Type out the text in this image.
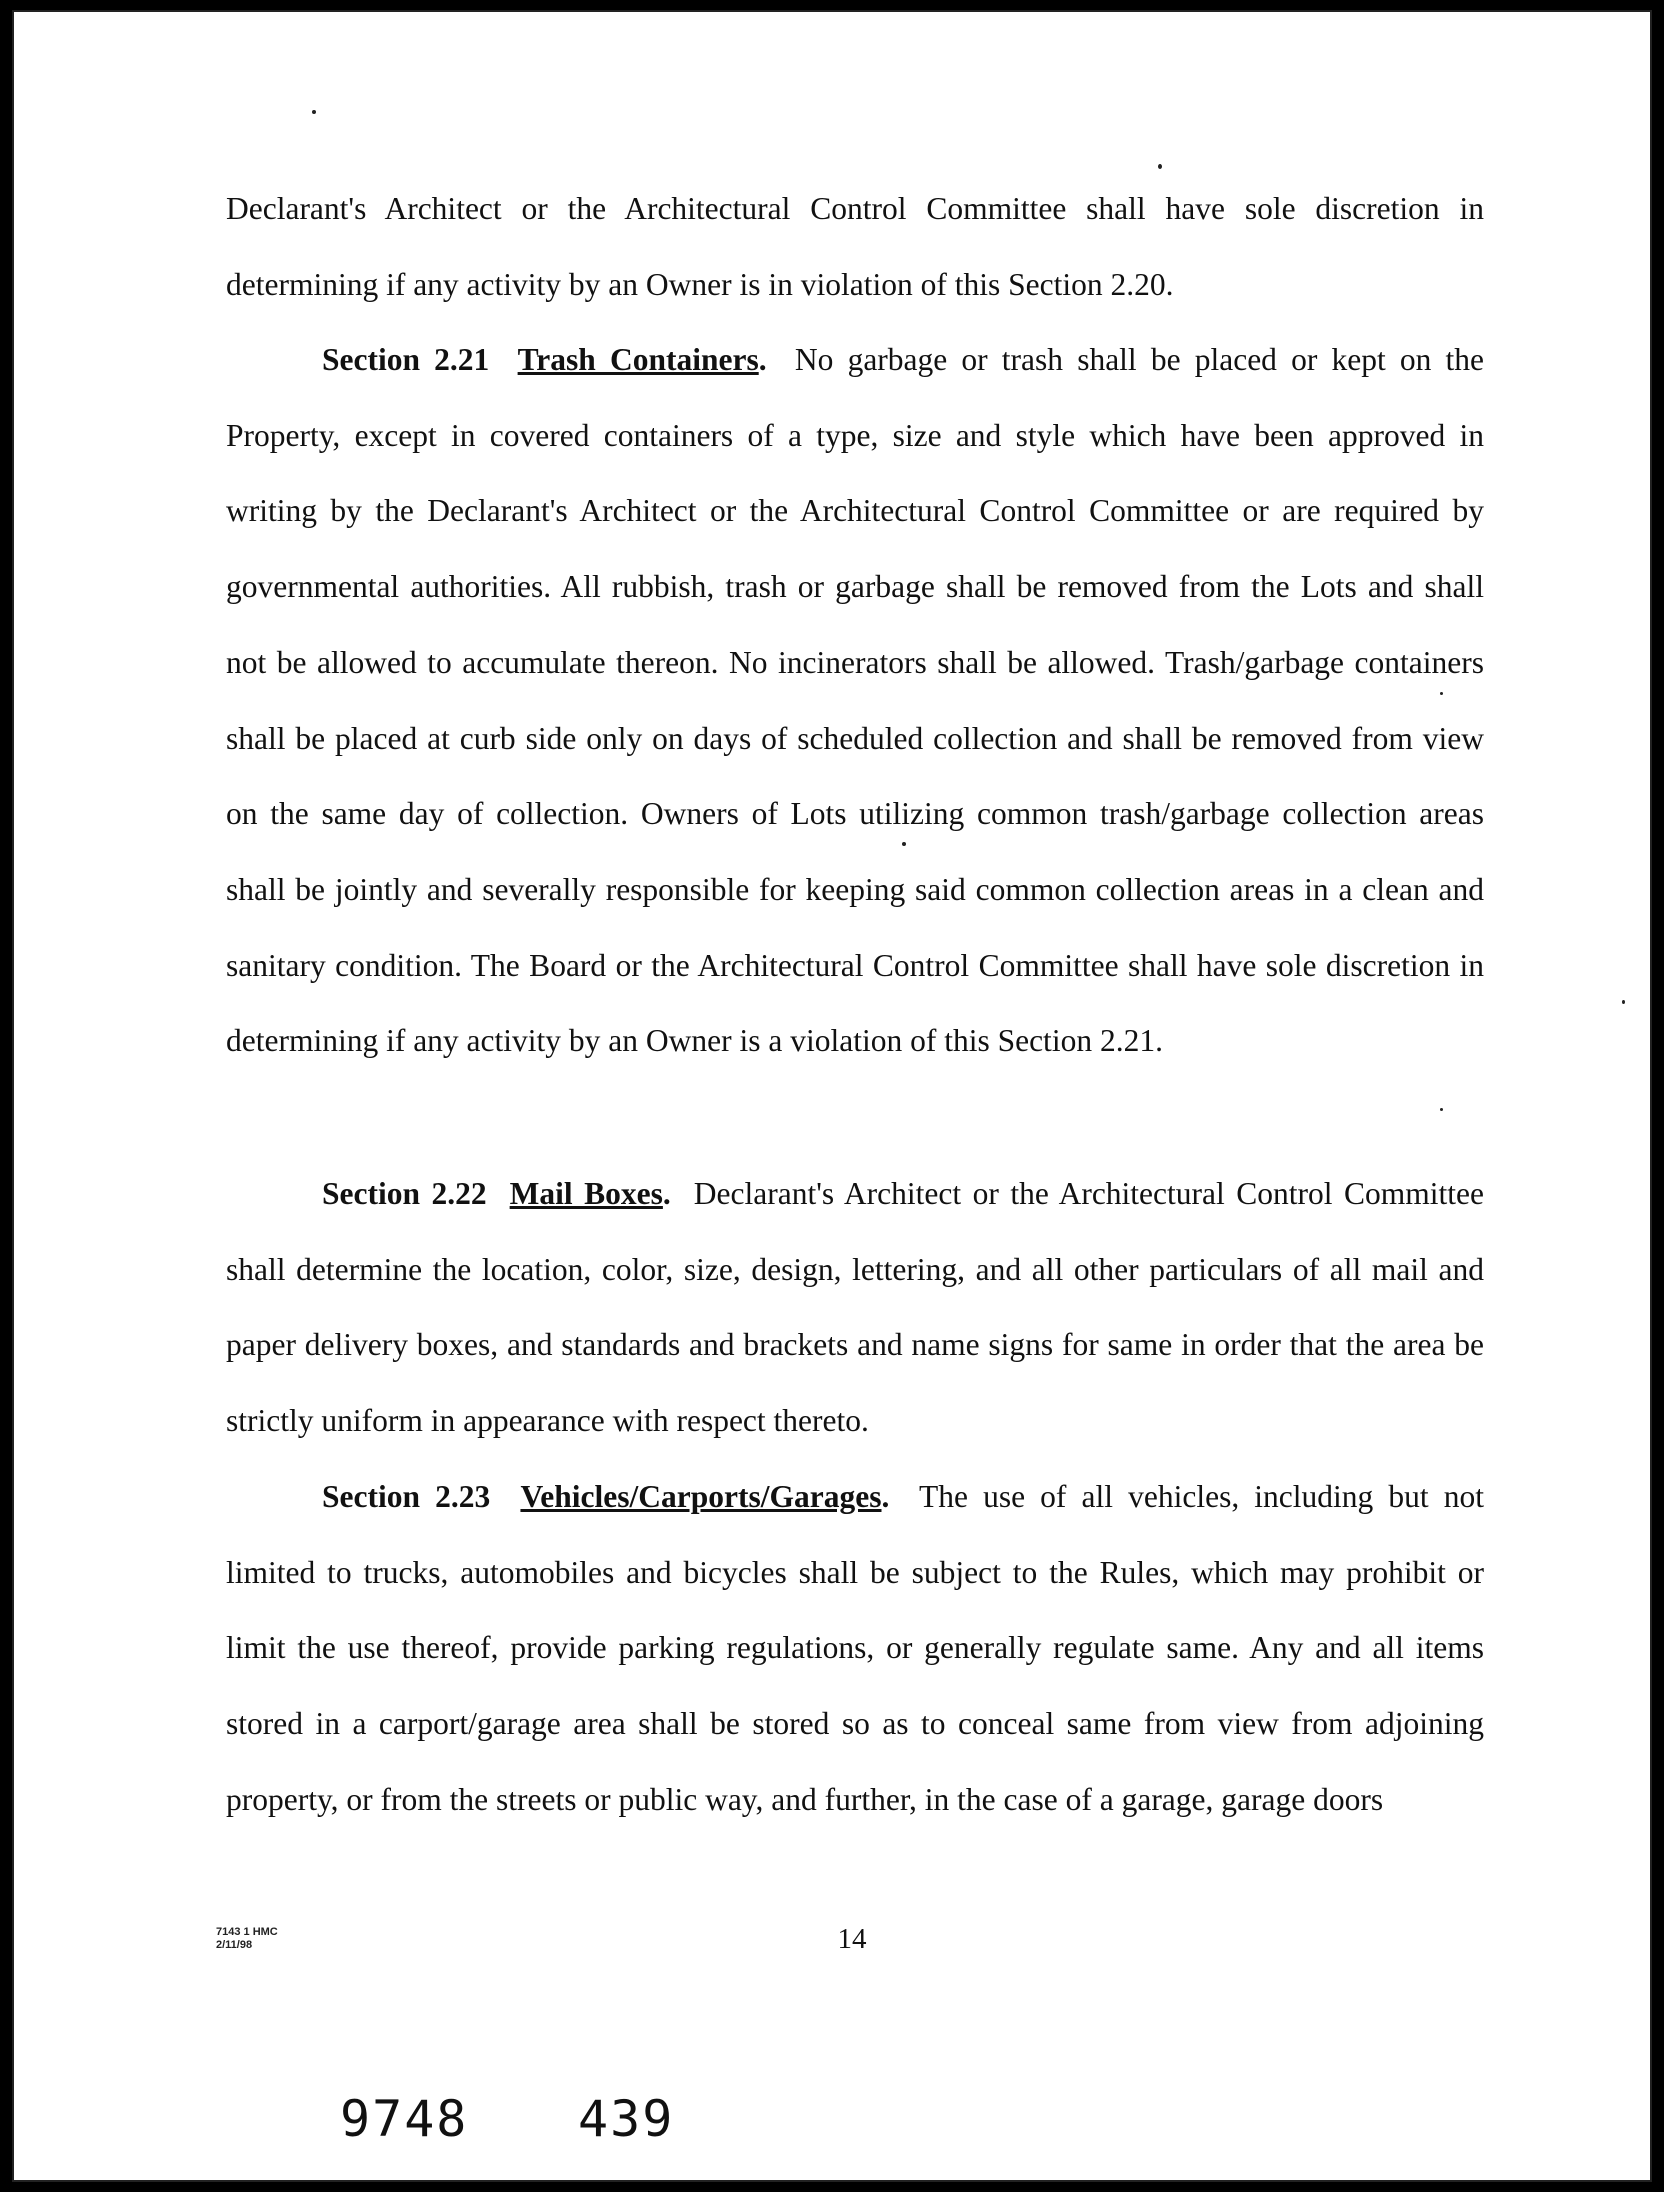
Declarant's Architect or the Architectural Control Committee shall have sole discretion in

determining if any activity by an Owner is in violation of this Section 2.20.

Section 2.21 Trash Containers. No garbage or trash shall be placed or kept on the Property, except in covered containers of a type, size and style which have been approved in writing by the Declarant's Architect or the Architectural Control Committee or are required by governmental authorities. All rubbish, trash or garbage shall be removed from the Lots and shall not be allowed to accumulate thereon. No incinerators shall be allowed. Trash/garbage containers shall be placed at curb side only on days of scheduled collection and shall be removed from view on the same day of collection. Owners of Lots utilizing common trash/garbage collection areas shall be jointly and severally responsible for keeping said common collection areas in a clean and sanitary condition. The Board or the Architectural Control Committee shall have sole discretion in determining if any activity by an Owner is a violation of this Section 2.21.

Section 2.22 Mail Boxes. Declarant's Architect or the Architectural Control Committee shall determine the location, color, size, design, lettering, and all other particulars of all mail and paper delivery boxes, and standards and brackets and name signs for same in order that the area be strictly uniform in appearance with respect thereto.

Section 2.23 Vehicles/Carports/Garages. The use of all vehicles, including but not limited to trucks, automobiles and bicycles shall be subject to the Rules, which may prohibit or limit the use thereof, provide parking regulations, or generally regulate same. Any and all items stored in a carport/garage area shall be stored so as to conceal same from view from adjoining property, or from the streets or public way, and further, in the case of a garage, garage doors

7143 1 HMC
2/11/98	14
9748 439
